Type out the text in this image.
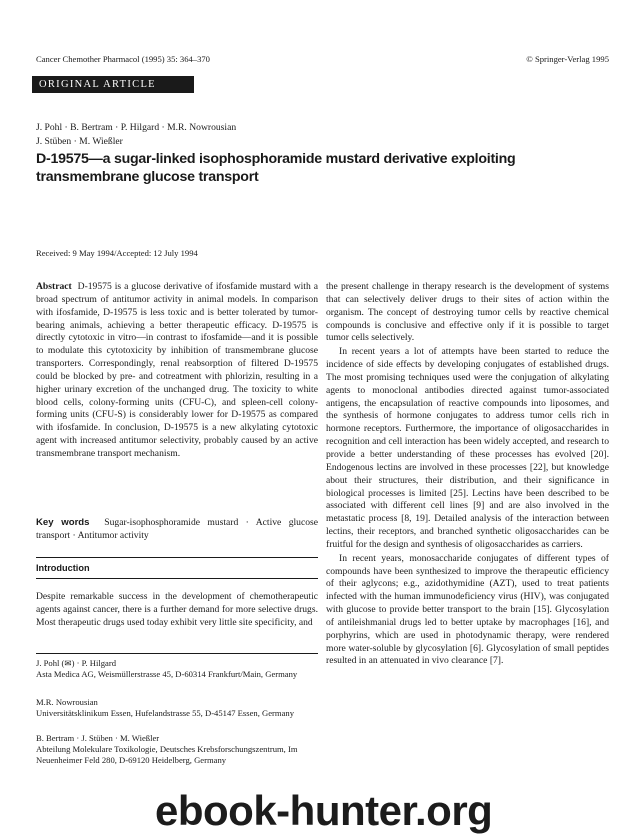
Cancer Chemother Pharmacol (1995) 35: 364–370	© Springer-Verlag 1995
ORIGINAL ARTICLE
J. Pohl · B. Bertram · P. Hilgard · M.R. Nowrousian
J. Stüben · M. Wießler
D-19575—a sugar-linked isophosphoramide mustard derivative exploiting transmembrane glucose transport
Received: 9 May 1994/Accepted: 12 July 1994

Abstract D-19575 is a glucose derivative of ifosfamide mustard with a broad spectrum of antitumor activity in animal models. In comparison with ifosfamide, D-19575 is less toxic and is better tolerated by tumor-bearing animals, achieving a better therapeutic efficacy. D-19575 is directly cytotoxic in vitro—in contrast to ifosfamide—and it is possible to modulate this cytotoxicity by inhibition of transmembrane glucose transporters. Correspondingly, renal reabsorption of filtered D-19575 could be blocked by pre- and cotreatment with phlorizin, resulting in a higher urinary excretion of the unchanged drug. The toxicity to white blood cells, colony-forming units (CFU-C), and spleen-cell colony-forming units (CFU-S) is considerably lower for D-19575 as compared with ifosfamide. In conclusion, D-19575 is a new alkylating cytotoxic agent with increased antitumor selectivity, probably caused by an active transmembrane transport mechanism.

Key words Sugar-isophosphoramide mustard · Active glucose transport · Antitumor activity

Introduction

Despite remarkable success in the development of chemotherapeutic agents against cancer, there is a further demand for more selective drugs. Most therapeutic drugs used today exhibit very little site specificity, and

J. Pohl (✉) · P. Hilgard
Asta Medica AG, Weismüllerstrasse 45, D-60314 Frankfurt/Main, Germany
M.R. Nowrousian
Universitätsklinikum Essen, Hufelandstrasse 55, D-45147 Essen, Germany
B. Bertram · J. Stüben · M. Wießler
Abteilung Molekulare Toxikologie, Deutsches Krebsforschungszentrum, Im Neuenheimer Feld 280, D-69120 Heidelberg, Germany

the present challenge in therapy research is the development of systems that can selectively deliver drugs to their sites of action within the organism. The concept of destroying tumor cells by reactive chemical compounds is conclusive and effective only if it is possible to target tumor cells selectively.

In recent years a lot of attempts have been started to reduce the incidence of side effects by developing conjugates of established drugs. The most promising techniques used were the conjugation of alkylating agents to monoclonal antibodies directed against tumor-associated antigens, the encapsulation of reactive compounds into liposomes, and the synthesis of hormone conjugates to address tumor cells rich in hormone receptors. Furthermore, the importance of oligosaccharides in recognition and cell interaction has been widely accepted, and research to provide a better understanding of these processes has evolved [20]. Endogenous lectins are involved in these processes [22], but knowledge about their structures, their distribution, and their significance in biological processes is limited [25]. Lectins have been described to be associated with different cell lines [9] and are also involved in the metastatic process [8, 19]. Detailed analysis of the interaction between lectins, their receptors, and branched synthetic oligosaccharides can be fruitful for the design and synthesis of oligosaccharides as carriers.

In recent years, monosaccharide conjugates of different types of compounds have been synthesized to improve the therapeutic efficiency of their aglycons; e.g., azidothymidine (AZT), used to treat patients infected with the human immunodeficiency virus (HIV), was conjugated with glucose to provide better transport to the brain [15]. Glycosylation of antileishmanial drugs led to better uptake by macrophages [16], and porphyrins, which are used in photodynamic therapy, were rendered more water-soluble by glycosylation [6]. Glycosylation of small peptides resulted in an attenuated in vivo clearance [7].

ebook-hunter.org
